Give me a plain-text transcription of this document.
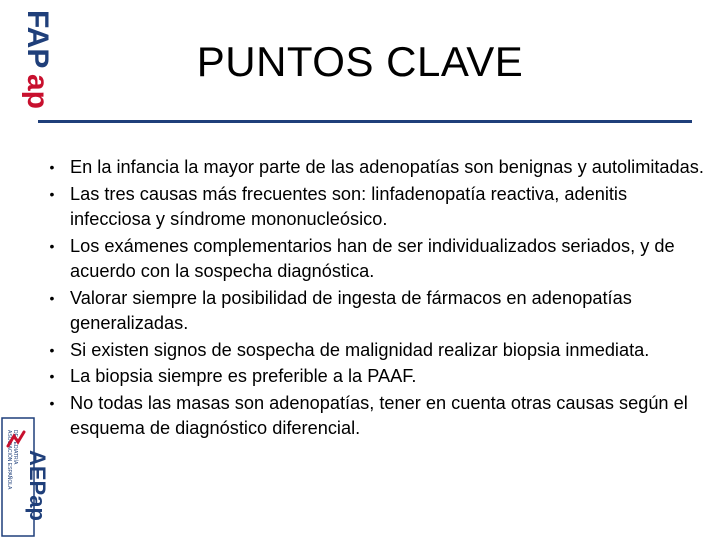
FAP
ap
ASOCIACIÓN ESPAÑOLA DE PEDIATRÍA
AEPap
PUNTOS CLAVE
• En la infancia la mayor parte de las adenopatías son benignas y autolimitadas.
• Las tres causas más frecuentes son: linfadenopatía reactiva, adenitis infecciosa y síndrome mononucleósico.
• Los exámenes complementarios han de ser individualizados seriados, y de acuerdo con la sospecha diagnóstica.
• Valorar siempre la posibilidad de ingesta de fármacos en adenopatías generalizadas.
• Si existen signos de sospecha de malignidad realizar biopsia inmediata.
• La biopsia siempre es preferible a la PAAF.
• No todas las masas son adenopatías, tener en cuenta otras causas según el esquema de diagnóstico diferencial.
